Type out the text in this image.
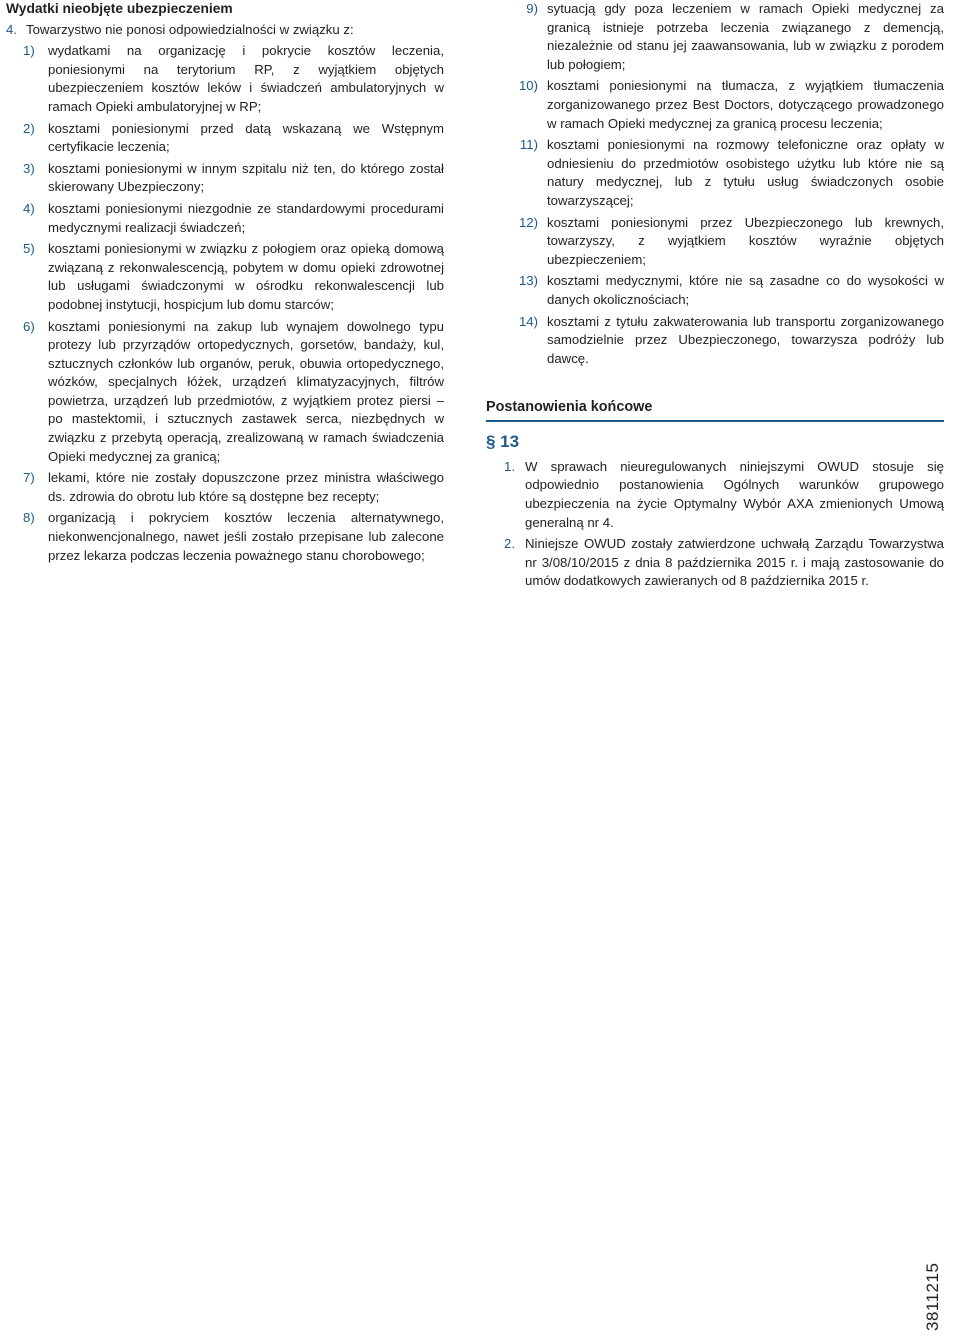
Wydatki nieobjęte ubezpieczeniem
4. Towarzystwo nie ponosi odpowiedzialności w związku z:
1) wydatkami na organizację i pokrycie kosztów leczenia, poniesionymi na terytorium RP, z wyjątkiem objętych ubezpieczeniem kosztów leków i świadczeń ambulatoryjnych w ramach Opieki ambulatoryjnej w RP;
2) kosztami poniesionymi przed datą wskazaną we Wstępnym certyfikacie leczenia;
3) kosztami poniesionymi w innym szpitalu niż ten, do którego został skierowany Ubezpieczony;
4) kosztami poniesionymi niezgodnie ze standardowymi procedurami medycznymi realizacji świadczeń;
5) kosztami poniesionymi w związku z połogiem oraz opieką domową związaną z rekonwalescencją, pobytem w domu opieki zdrowotnej lub usługami świadczonymi w ośrodku rekonwalescencji lub podobnej instytucji, hospicjum lub domu starców;
6) kosztami poniesionymi na zakup lub wynajem dowolnego typu protezy lub przyrządów ortopedycznych, gorsetów, bandaży, kul, sztucznych członków lub organów, peruk, obuwia ortopedycznego, wózków, specjalnych łóżek, urządzeń klimatyzacyjnych, filtrów powietrza, urządzeń lub przedmiotów, z wyjątkiem protez piersi – po mastektomii, i sztucznych zastawek serca, niezbędnych w związku z przebytą operacją, zrealizowaną w ramach świadczenia Opieki medycznej za granicą;
7) lekami, które nie zostały dopuszczone przez ministra właściwego ds. zdrowia do obrotu lub które są dostępne bez recepty;
8) organizacją i pokryciem kosztów leczenia alternatywnego, niekonwencjonalnego, nawet jeśli zostało przepisane lub zalecone przez lekarza podczas leczenia poważnego stanu chorobowego;
9) sytuacją gdy poza leczeniem w ramach Opieki medycznej za granicą istnieje potrzeba leczenia związanego z demencją, niezależnie od stanu jej zaawansowania, lub w związku z porodem lub połogiem;
10) kosztami poniesionymi na tłumacza, z wyjątkiem tłumaczenia zorganizowanego przez Best Doctors, dotyczącego prowadzonego w ramach Opieki medycznej za granicą procesu leczenia;
11) kosztami poniesionymi na rozmowy telefoniczne oraz opłaty w odniesieniu do przedmiotów osobistego użytku lub które nie są natury medycznej, lub z tytułu usług świadczonych osobie towarzyszącej;
12) kosztami poniesionymi przez Ubezpieczonego lub krewnych, towarzyszy, z wyjątkiem kosztów wyraźnie objętych ubezpieczeniem;
13) kosztami medycznymi, które nie są zasadne co do wysokości w danych okolicznościach;
14) kosztami z tytułu zakwaterowania lub transportu zorganizowanego samodzielnie przez Ubezpieczonego, towarzysza podróży lub dawcę.
Postanowienia końcowe
§ 13
1. W sprawach nieuregulowanych niniejszymi OWUD stosuje się odpowiednio postanowienia Ogólnych warunków grupowego ubezpieczenia na życie Optymalny Wybór AXA zmienionych Umową generalną nr 4.
2. Niniejsze OWUD zostały zatwierdzone uchwałą Zarządu Towarzystwa nr 3/08/10/2015 z dnia 8 października 2015 r. i mają zastosowanie do umów dodatkowych zawieranych od 8 października 2015 r.
3811215
